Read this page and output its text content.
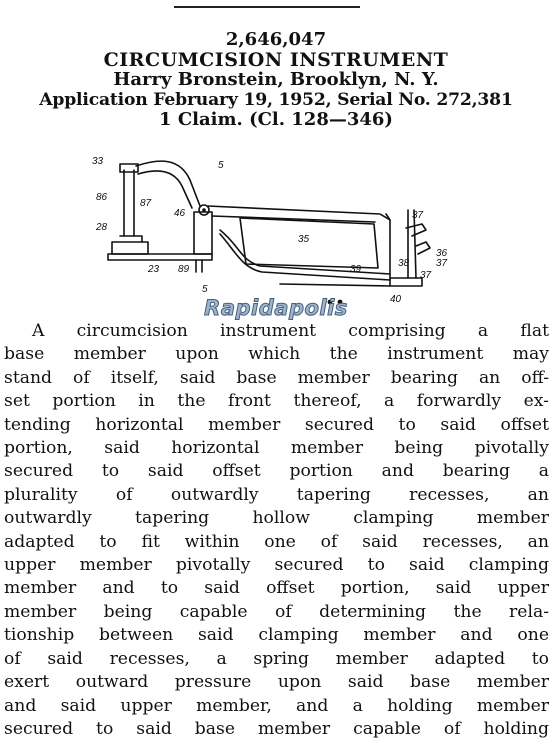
2,646,047
CIRCUMCISION INSTRUMENT
Harry Bronstein, Brooklyn, N. Y.
Application February 19, 1952, Serial No. 272,381
1 Claim. (Cl. 128—346)
33	5
86
87
28
46
35
37
36
37
37
38
39
23 89
5
40
Rapidapolis
A circumcision instrument comprising a flat
base member upon which the instrument may
stand of itself, said base member bearing an off-
set portion in the front thereof, a forwardly ex-
tending horizontal member secured to said offset
portion, said horizontal member being pivotally
secured to said offset portion and bearing a
plurality of outwardly tapering recesses, an
outwardly tapering hollow clamping member
adapted to fit within one of said recesses, an
upper member pivotally secured to said clamping
member and to said offset portion, said upper
member being capable of determining the rela-
tionship between said clamping member and one
of said recesses, a spring member adapted to
exert outward pressure upon said base member
and said upper member, and a holding member
secured to said base member capable of holding
